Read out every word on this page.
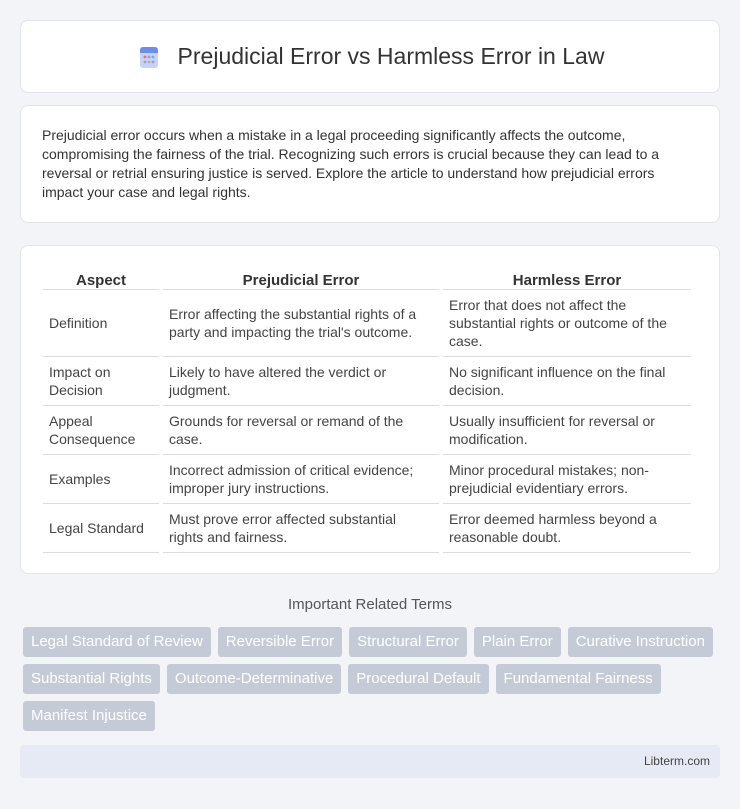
Prejudicial Error vs Harmless Error in Law

Prejudicial error occurs when a mistake in a legal proceeding significantly affects the outcome, compromising the fairness of the trial. Recognizing such errors is crucial because they can lead to a reversal or retrial ensuring justice is served. Explore the article to understand how prejudicial errors impact your case and legal rights.

Aspect	Prejudicial Error	Harmless Error
Definition	Error affecting the substantial rights of a party and impacting the trial's outcome.	Error that does not affect the substantial rights or outcome of the case.
Impact on Decision	Likely to have altered the verdict or judgment.	No significant influence on the final decision.
Appeal Consequence	Grounds for reversal or remand of the case.	Usually insufficient for reversal or modification.
Examples	Incorrect admission of critical evidence; improper jury instructions.	Minor procedural mistakes; non-prejudicial evidentiary errors.
Legal Standard	Must prove error affected substantial rights and fairness.	Error deemed harmless beyond a reasonable doubt.
Important Related Terms
Legal Standard of Review	Reversible Error	Structural Error	Plain Error	Curative Instruction
Substantial Rights	Outcome-Determinative	Procedural Default	Fundamental Fairness
Manifest Injustice
Libterm.com
